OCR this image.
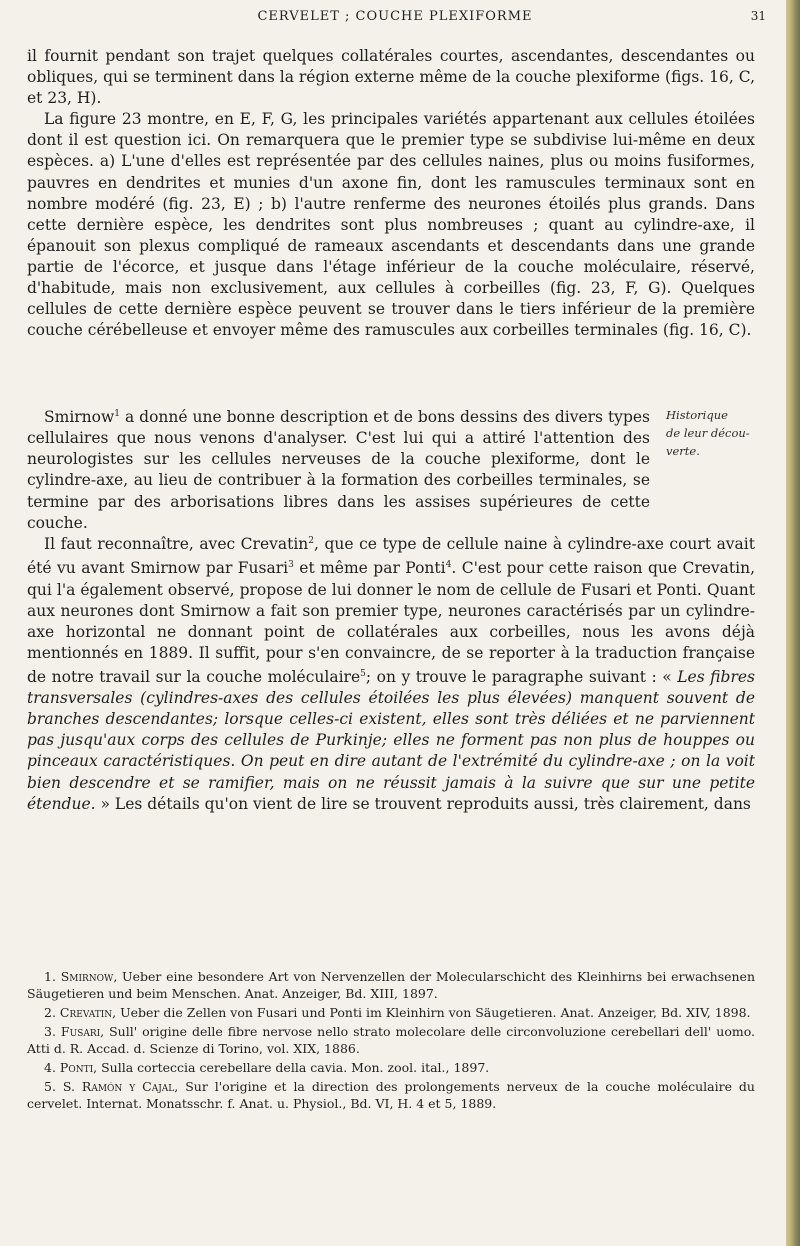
CERVELET ; COUCHE PLEXIFORME	31

il fournit pendant son trajet quelques collatérales courtes, ascendantes, descendantes ou obliques, qui se terminent dans la région externe même de la couche plexiforme (figs. 16, C, et 23, H).

La figure 23 montre, en E, F, G, les principales variétés appartenant aux cellules étoilées dont il est question ici. On remarquera que le premier type se subdivise lui-même en deux espèces. a) L'une d'elles est représentée par des cellules naines, plus ou moins fusiformes, pauvres en dendrites et munies d'un axone fin, dont les ramuscules terminaux sont en nombre modéré (fig. 23, E) ; b) l'autre renferme des neurones étoilés plus grands. Dans cette dernière espèce, les dendrites sont plus nombreuses ; quant au cylindre-axe, il épanouit son plexus compliqué de rameaux ascendants et descendants dans une grande partie de l'écorce, et jusque dans l'étage inférieur de la couche moléculaire, réservé, d'habitude, mais non exclusivement, aux cellules à corbeilles (fig. 23, F, G). Quelques cellules de cette dernière espèce peuvent se trouver dans le tiers inférieur de la première couche cérébelleuse et envoyer même des ramuscules aux corbeilles terminales (fig. 16, C).

Historique
de leur décou-
verte.

Smirnow$^1$ a donné une bonne description et de bons dessins des divers types cellulaires que nous venons d'analyser. C'est lui qui a attiré l'attention des neurologistes sur les cellules nerveuses de la couche plexiforme, dont le cylindre-axe, au lieu de contribuer à la formation des corbeilles terminales, se termine par des arborisations libres dans les assises supérieures de cette couche.

Il faut reconnaître, avec Crevatin$^2$, que ce type de cellule naine à cylindre-axe court avait été vu avant Smirnow par Fusari$^3$ et même par Ponti$^4$. C'est pour cette raison que Crevatin, qui l'a également observé, propose de lui donner le nom de cellule de Fusari et Ponti. Quant aux neurones dont Smirnow a fait son premier type, neurones caractérisés par un cylindre-axe horizontal ne donnant point de collatérales aux corbeilles, nous les avons déjà mentionnés en 1889. Il suffit, pour s'en convaincre, de se reporter à la traduction française de notre travail sur la couche moléculaire$^5$; on y trouve le paragraphe suivant : « Les fibres transversales (cylindres-axes des cellules étoilées les plus élevées) manquent souvent de branches descendantes; lorsque celles-ci existent, elles sont très déliées et ne parviennent pas jusqu'aux corps des cellules de Purkinje; elles ne forment pas non plus de houppes ou pinceaux caractéristiques. On peut en dire autant de l'extrémité du cylindre-axe ; on la voit bien descendre et se ramifier, mais on ne réussit jamais à la suivre que sur une petite étendue. » Les détails qu'on vient de lire se trouvent reproduits aussi, très clairement, dans

1. Smirnow, Ueber eine besondere Art von Nervenzellen der Molecularschicht des Kleinhirns bei erwachsenen Säugetieren und beim Menschen. Anat. Anzeiger, Bd. XIII, 1897.

2. Crevatin, Ueber die Zellen von Fusari und Ponti im Kleinhirn von Säugetieren. Anat. Anzeiger, Bd. XIV, 1898.

3. Fusari, Sull' origine delle fibre nervose nello strato molecolare delle circonvoluzione cerebellari dell' uomo. Atti d. R. Accad. d. Scienze di Torino, vol. XIX, 1886.

4. Ponti, Sulla corteccia cerebellare della cavia. Mon. zool. ital., 1897.

5. S. Ramón y Cajal, Sur l'origine et la direction des prolongements nerveux de la couche moléculaire du cervelet. Internat. Monatsschr. f. Anat. u. Physiol., Bd. VI, H. 4 et 5, 1889.
